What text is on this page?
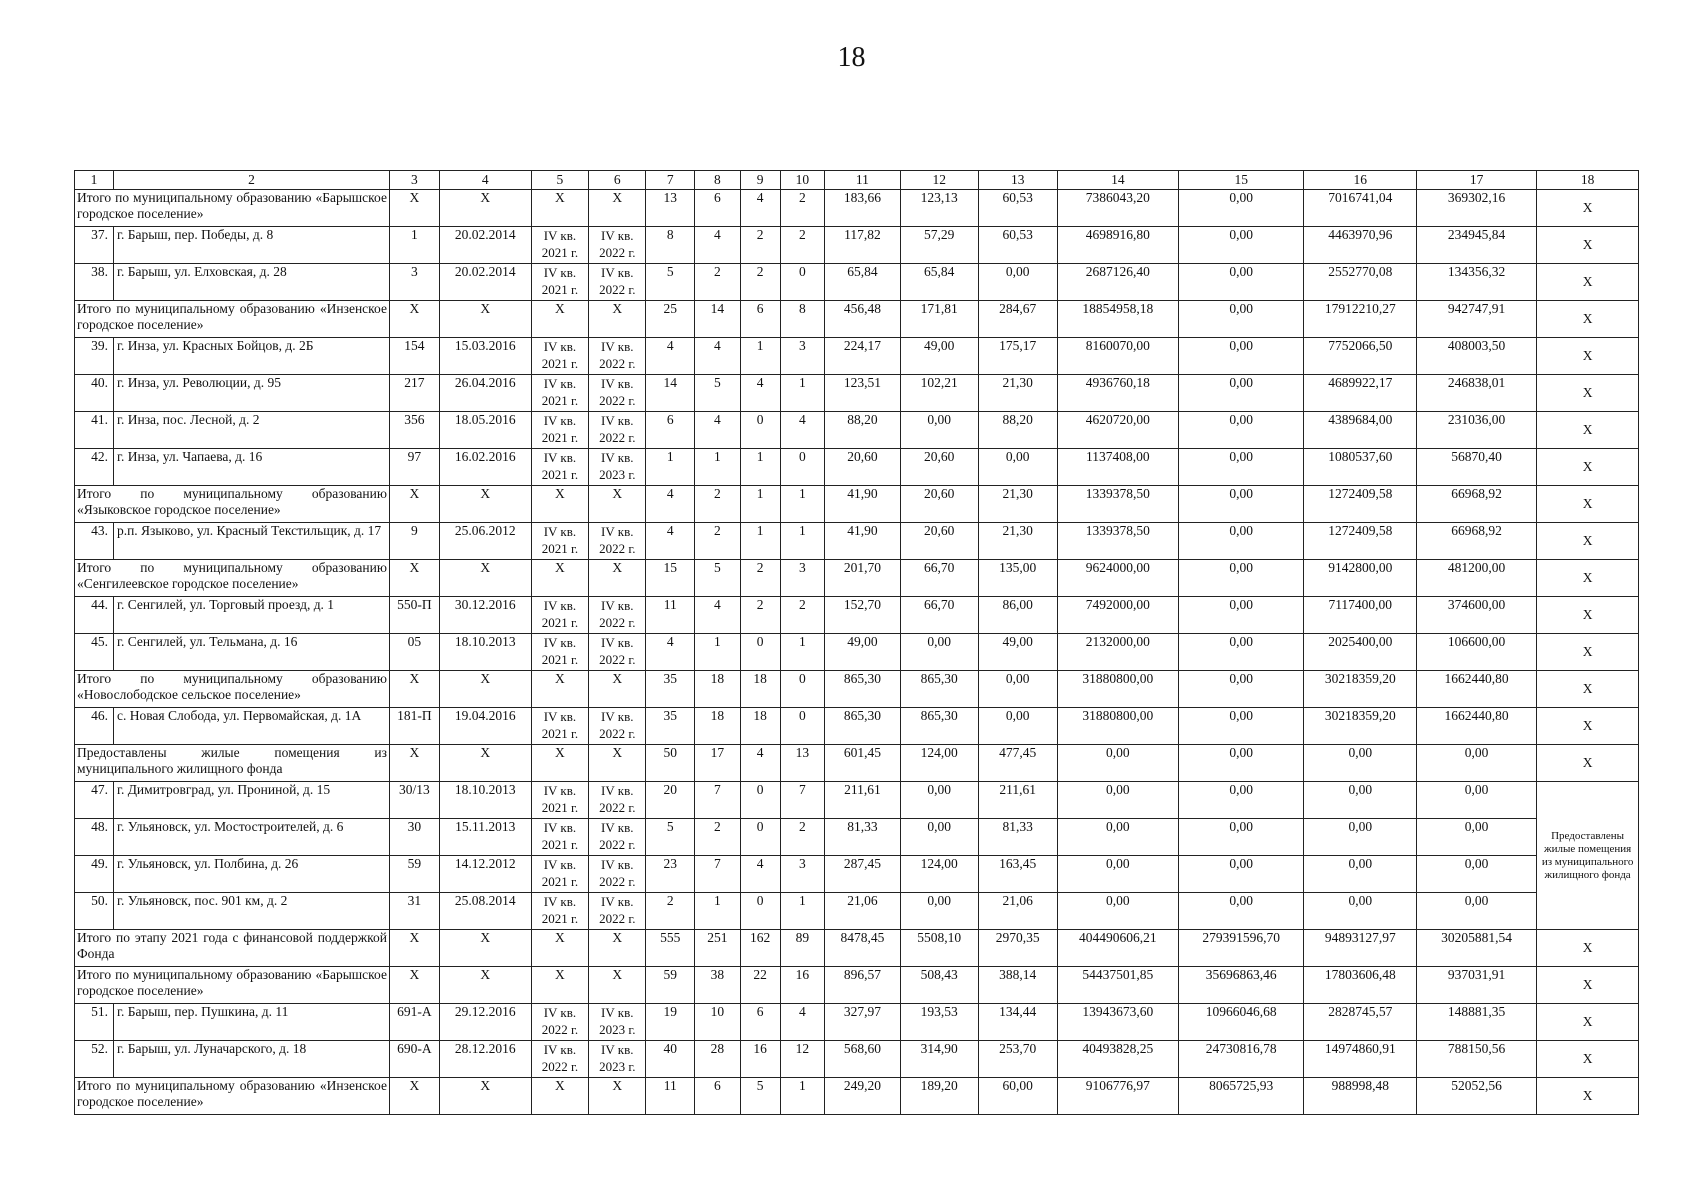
18
1	2	3	4	5	6	7	8	9	10	11	12	13	14	15	16	17	18
Итого по муниципальному образованию «Барышское городское поселение»		X	X	X	X	13	6	4	2	183,66	123,13	60,53	7386043,20	0,00	7016741,04	369302,16	X
37.	г. Барыш, пер. Победы, д. 8	1	20.02.2014	IV кв. 2021 г.	IV кв. 2022 г.	8	4	2	2	117,82	57,29	60,53	4698916,80	0,00	4463970,96	234945,84	X
38.	г. Барыш, ул. Елховская, д. 28	3	20.02.2014	IV кв. 2021 г.	IV кв. 2022 г.	5	2	2	0	65,84	65,84	0,00	2687126,40	0,00	2552770,08	134356,32	X
Итого по муниципальному образованию «Инзенское городское поселение»		X	X	X	X	25	14	6	8	456,48	171,81	284,67	18854958,18	0,00	17912210,27	942747,91	X
39.	г. Инза, ул. Красных Бойцов, д. 2Б	154	15.03.2016	IV кв. 2021 г.	IV кв. 2022 г.	4	4	1	3	224,17	49,00	175,17	8160070,00	0,00	7752066,50	408003,50	X
40.	г. Инза, ул. Революции, д. 95	217	26.04.2016	IV кв. 2021 г.	IV кв. 2022 г.	14	5	4	1	123,51	102,21	21,30	4936760,18	0,00	4689922,17	246838,01	X
41.	г. Инза, пос. Лесной, д. 2	356	18.05.2016	IV кв. 2021 г.	IV кв. 2022 г.	6	4	0	4	88,20	0,00	88,20	4620720,00	0,00	4389684,00	231036,00	X
42.	г. Инза, ул. Чапаева, д. 16	97	16.02.2016	IV кв. 2021 г.	IV кв. 2023 г.	1	1	1	0	20,60	20,60	0,00	1137408,00	0,00	1080537,60	56870,40	X
Итого по муниципальному образованию «Языковское городское поселение»		X	X	X	X	4	2	1	1	41,90	20,60	21,30	1339378,50	0,00	1272409,58	66968,92	X
43.	р.п. Языково, ул. Красный Текстильщик, д. 17	9	25.06.2012	IV кв. 2021 г.	IV кв. 2022 г.	4	2	1	1	41,90	20,60	21,30	1339378,50	0,00	1272409,58	66968,92	X
Итого по муниципальному образованию «Сенгилеевское городское поселение»		X	X	X	X	15	5	2	3	201,70	66,70	135,00	9624000,00	0,00	9142800,00	481200,00	X
44.	г. Сенгилей, ул. Торговый проезд, д. 1	550-П	30.12.2016	IV кв. 2021 г.	IV кв. 2022 г.	11	4	2	2	152,70	66,70	86,00	7492000,00	0,00	7117400,00	374600,00	X
45.	г. Сенгилей, ул. Тельмана, д. 16	05	18.10.2013	IV кв. 2021 г.	IV кв. 2022 г.	4	1	0	1	49,00	0,00	49,00	2132000,00	0,00	2025400,00	106600,00	X
Итого по муниципальному образованию «Новослободское сельское поселение»		X	X	X	X	35	18	18	0	865,30	865,30	0,00	31880800,00	0,00	30218359,20	1662440,80	X
46.	с. Новая Слобода, ул. Первомайская, д. 1А	181-П	19.04.2016	IV кв. 2021 г.	IV кв. 2022 г.	35	18	18	0	865,30	865,30	0,00	31880800,00	0,00	30218359,20	1662440,80	X
Предоставлены жилые помещения из муниципального жилищного фонда		X	X	X	X	50	17	4	13	601,45	124,00	477,45	0,00	0,00	0,00	0,00	X
47.	г. Димитровград, ул. Прониной, д. 15	30/13	18.10.2013	IV кв. 2021 г.	IV кв. 2022 г.	20	7	0	7	211,61	0,00	211,61	0,00	0,00	0,00	0,00	Предоставлены жилые помещения из муниципального жилищного фонда
48.	г. Ульяновск, ул. Мостостроителей, д. 6	30	15.11.2013	IV кв. 2021 г.	IV кв. 2022 г.	5	2	0	2	81,33	0,00	81,33	0,00	0,00	0,00	0,00	
49.	г. Ульяновск, ул. Полбина, д. 26	59	14.12.2012	IV кв. 2021 г.	IV кв. 2022 г.	23	7	4	3	287,45	124,00	163,45	0,00	0,00	0,00	0,00	
50.	г. Ульяновск, пос. 901 км, д. 2	31	25.08.2014	IV кв. 2021 г.	IV кв. 2022 г.	2	1	0	1	21,06	0,00	21,06	0,00	0,00	0,00	0,00	
Итого по этапу 2021 года с финансовой поддержкой Фонда		X	X	X	X	555	251	162	89	8478,45	5508,10	2970,35	404490606,21	279391596,70	94893127,97	30205881,54	X
Итого по муниципальному образованию «Барышское городское поселение»		X	X	X	X	59	38	22	16	896,57	508,43	388,14	54437501,85	35696863,46	17803606,48	937031,91	X
51.	г. Барыш, пер. Пушкина, д. 11	691-А	29.12.2016	IV кв. 2022 г.	IV кв. 2023 г.	19	10	6	4	327,97	193,53	134,44	13943673,60	10966046,68	2828745,57	148881,35	X
52.	г. Барыш, ул. Луначарского, д. 18	690-А	28.12.2016	IV кв. 2022 г.	IV кв. 2023 г.	40	28	16	12	568,60	314,90	253,70	40493828,25	24730816,78	14974860,91	788150,56	X
Итого по муниципальному образованию «Инзенское городское поселение»		X	X	X	X	11	6	5	1	249,20	189,20	60,00	9106776,97	8065725,93	988998,48	52052,56	X
